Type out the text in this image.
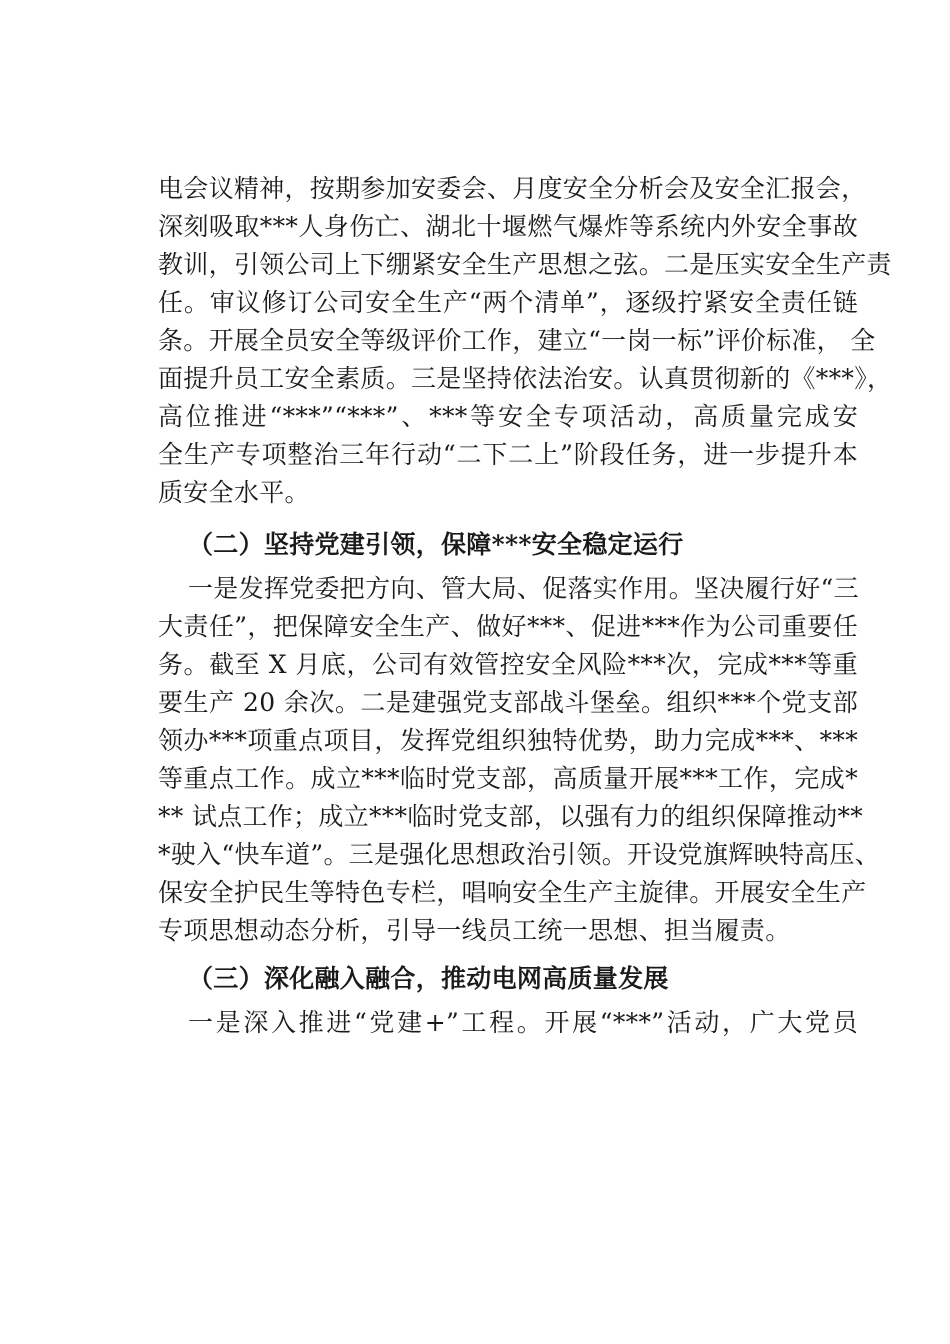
电会议精神，按期参加安委会、月度安全分析会及安全汇报会，
深刻吸取***人身伤亡、湖北十堰燃气爆炸等系统内外安全事故
教训，引领公司上下绷紧安全生产思想之弦。二是压实安全生产责
任。审议修订公司安全生产“两个清单”，逐级拧紧安全责任链
条。开展全员安全等级评价工作，建立“一岗一标”评价标准， 全
面提升员工安全素质。三是坚持依法治安。认真贯彻新的《***》，
高位推进“***”“***”、***等安全专项活动，高质量完成安
全生产专项整治三年行动“二下二上”阶段任务，进一步提升本
质安全水平。
（二）坚持党建引领，保障***安全稳定运行
一是发挥党委把方向、管大局、促落实作用。坚决履行好“三
大责任”，把保障安全生产、做好***、促进***作为公司重要任
务。截至 X 月底，公司有效管控安全风险***次，完成***等重
要生产 20 余次。二是建强党支部战斗堡垒。组织***个党支部
领办***项重点项目，发挥党组织独特优势，助力完成***、***
等重点工作。成立***临时党支部，高质量开展***工作，完成*
** 试点工作；成立***临时党支部，以强有力的组织保障推动**
*驶入“快车道”。三是强化思想政治引领。开设党旗辉映特高压、
保安全护民生等特色专栏，唱响安全生产主旋律。开展安全生产
专项思想动态分析，引导一线员工统一思想、担当履责。
（三）深化融入融合，推动电网高质量发展
一是深入推进“党建+”工程。开展“***”活动，广大党员
